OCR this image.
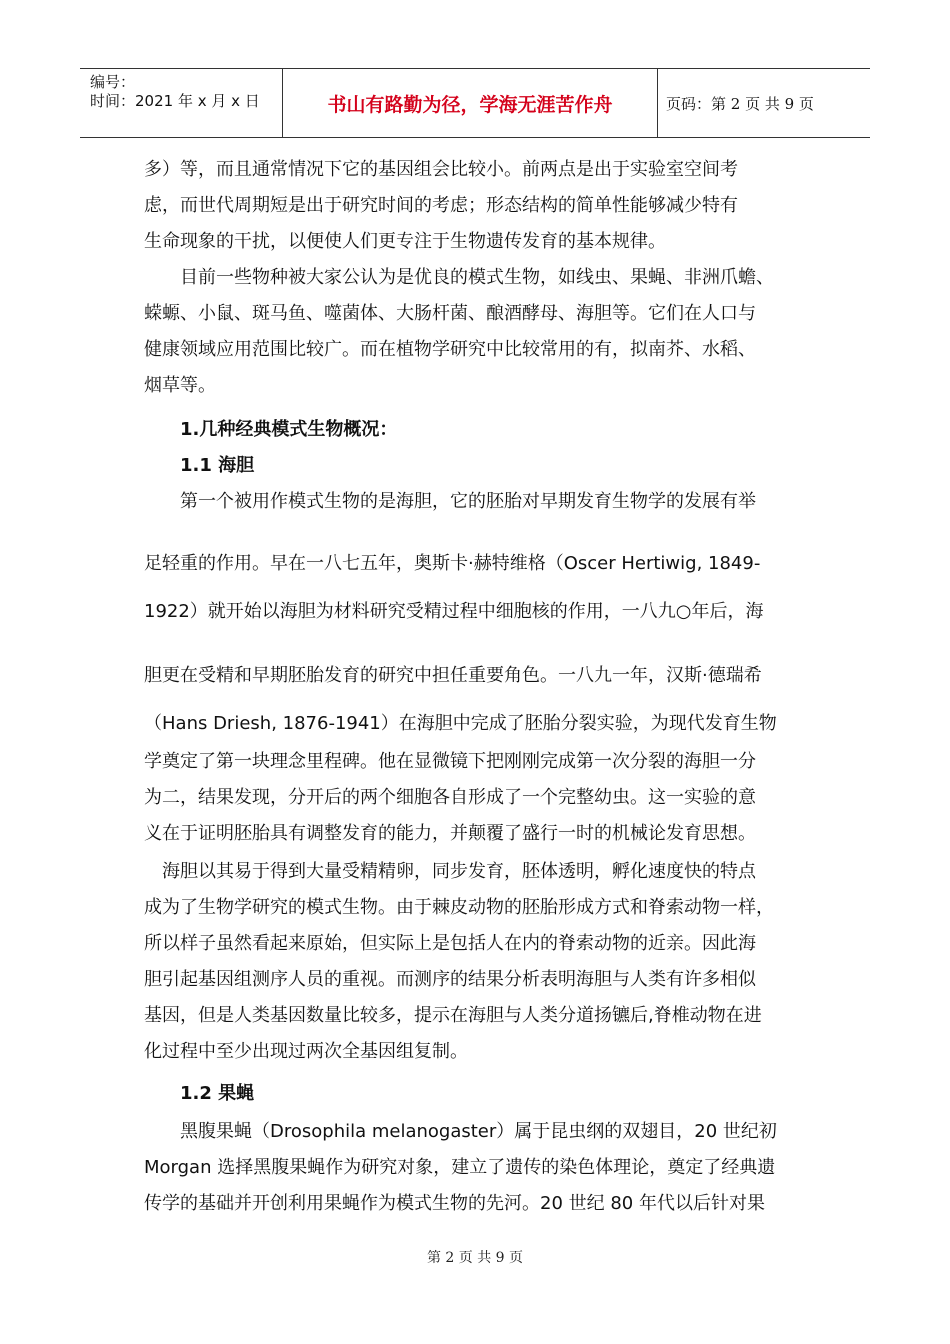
编号：
时间：2021 年 x 月 x 日	书山有路勤为径，学海无涯苦作舟	页码：第 2 页 共 9 页
多）等，而且通常情况下它的基因组会比较小。前两点是出于实验室空间考
虑，而世代周期短是出于研究时间的考虑；形态结构的简单性能够减少特有
生命现象的干扰，以便使人们更专注于生物遗传发育的基本规律。
　　目前一些物种被大家公认为是优良的模式生物，如线虫、果蝇、非洲爪蟾、
蝾螈、小鼠、斑马鱼、噬菌体、大肠杆菌、酿酒酵母、海胆等。它们在人口与
健康领域应用范围比较广。而在植物学研究中比较常用的有，拟南芥、水稻、
烟草等。
　　1.几种经典模式生物概况：
　　1.1 海胆
　　第一个被用作模式生物的是海胆，它的胚胎对早期发育生物学的发展有举
足轻重的作用。早在一八七五年，奥斯卡·赫特维格（Oscer Hertiwig, 1849-
1922）就开始以海胆为材料研究受精过程中细胞核的作用，一八九○年后，海
胆更在受精和早期胚胎发育的研究中担任重要角色。一八九一年，汉斯·德瑞希
（Hans Driesh, 1876-1941）在海胆中完成了胚胎分裂实验，为现代发育生物
学奠定了第一块理念里程碑。他在显微镜下把刚刚完成第一次分裂的海胆一分
为二，结果发现，分开后的两个细胞各自形成了一个完整幼虫。这一实验的意
义在于证明胚胎具有调整发育的能力，并颠覆了盛行一时的机械论发育思想。
　海胆以其易于得到大量受精精卵，同步发育，胚体透明，孵化速度快的特点
成为了生物学研究的模式生物。由于棘皮动物的胚胎形成方式和脊索动物一样，
所以样子虽然看起来原始，但实际上是包括人在内的脊索动物的近亲。因此海
胆引起基因组测序人员的重视。而测序的结果分析表明海胆与人类有许多相似
基因，但是人类基因数量比较多，提示在海胆与人类分道扬镳后,脊椎动物在进
化过程中至少出现过两次全基因组复制。
　　1.2 果蝇
　　黑腹果蝇（Drosophila melanogaster）属于昆虫纲的双翅目，20 世纪初
Morgan 选择黑腹果蝇作为研究对象，建立了遗传的染色体理论，奠定了经典遗
传学的基础并开创利用果蝇作为模式生物的先河。20 世纪 80 年代以后针对果
第 2 页 共 9 页
